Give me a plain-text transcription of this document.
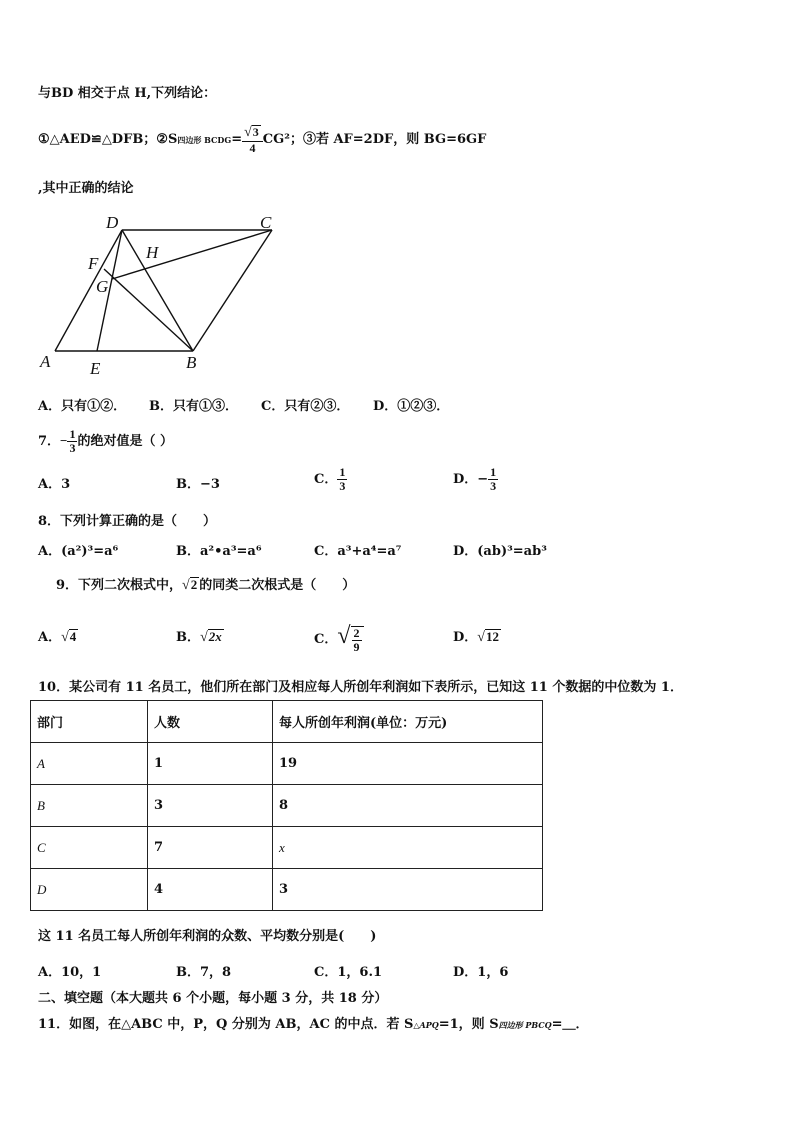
与BD 相交于点 H,下列结论：
①△AED≌△DFB；②S四边形 BCDG= $\frac{√3}{4} CG^2$；③若 AF=2DF，则 BG=6GF
,其中正确的结论
D	C
H
F
G
A E	B
A．只有①②． B．只有①③． C．只有②③． D．①②③．
7．− $\frac{1}{3}$ 的绝对值是（ ）
A．3	B．−3	C． $\frac{1}{3}$	D．− $\frac{1}{3}$
8．下列计算正确的是（　　）
A．(a²)³=a⁶	B．a²•a³=a⁶	C．a³+a⁴=a⁷	D．(ab)³=ab³
9．下列二次根式中，√2 的同类二次根式是（　　）
A．√4	B．√2x	C．√ $\frac{2}{9}$	D．√12
10．某公司有 11 名员工，他们所在部门及相应每人所创年利润如下表所示，已知这 11 个数据的中位数为 1．
部门	人数	每人所创年利润(单位：万元)
A	1	19
B	3	8
C	7	x
D	4	3
这 11 名员工每人所创年利润的众数、平均数分别是(　　)
A．10，1	B．7，8	C．1，6.1	D．1，6
二、填空题（本大题共 6 个小题，每小题 3 分，共 18 分）
11．如图，在△ABC 中，P，Q 分别为 AB，AC 的中点．若 S△APQ=1，则 S四边形 PBCQ=＿．
